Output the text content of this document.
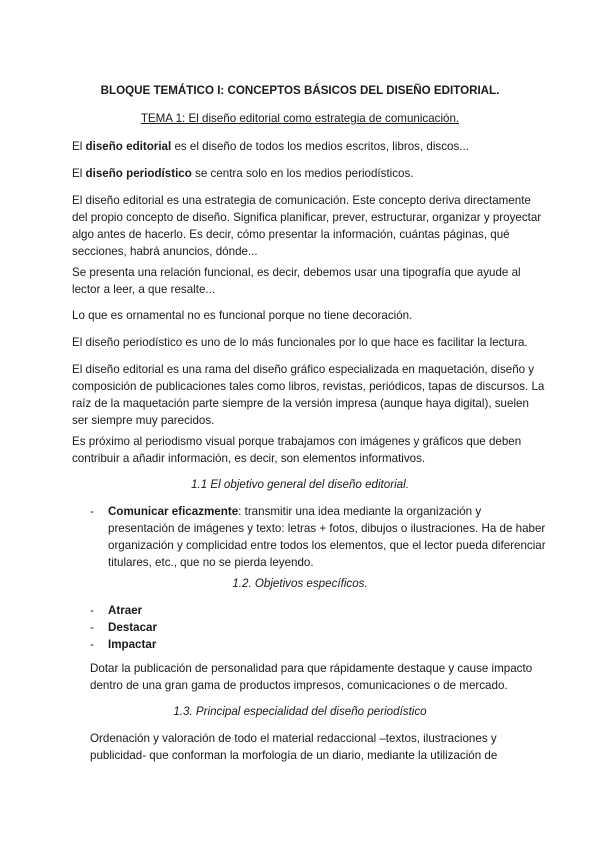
BLOQUE TEMÁTICO I: CONCEPTOS BÁSICOS DEL DISEÑO EDITORIAL.
TEMA 1: El diseño editorial como estrategia de comunicación.
El diseño editorial es el diseño de todos los medios escritos, libros, discos...
El diseño periodístico se centra solo en los medios periodísticos.
El diseño editorial es una estrategia de comunicación. Este concepto deriva directamente
del propio concepto de diseño. Significa planificar, prever, estructurar, organizar y proyectar
algo antes de hacerlo. Es decir, cómo presentar la información, cuántas páginas, qué
secciones, habrá anuncios, dónde...
Se presenta una relación funcional, es decir, debemos usar una tipografía que ayude al
lector a leer, a que resalte...
Lo que es ornamental no es funcional porque no tiene decoración.
El diseño periodístico es uno de lo más funcionales por lo que hace es facilitar la lectura.
El diseño editorial es una rama del diseño gráfico especializada en maquetación, diseño y
composición de publicaciones tales como libros, revistas, periódicos, tapas de discursos. La
raíz de la maquetación parte siempre de la versión impresa (aunque haya digital), suelen
ser siempre muy parecidos.
Es próximo al periodismo visual porque trabajamos con imágenes y gráficos que deben
contribuir a añadir información, es decir, son elementos informativos.
1.1 El objetivo general del diseño editorial.
- Comunicar eficazmente: transmitir una idea mediante la organización y
presentación de imágenes y texto: letras + fotos, dibujos o ilustraciones. Ha de haber
organización y complicidad entre todos los elementos, que el lector pueda diferenciar
titulares, etc., que no se pierda leyendo.
1.2. Objetivos específicos.
- Atraer
- Destacar
- Impactar
Dotar la publicación de personalidad para que rápidamente destaque y cause impacto
dentro de una gran gama de productos impresos, comunicaciones o de mercado.
1.3. Principal especialidad del diseño periodístico
Ordenación y valoración de todo el material redaccional –textos, ilustraciones y
publicidad- que conforman la morfología de un diario, mediante la utilización de
